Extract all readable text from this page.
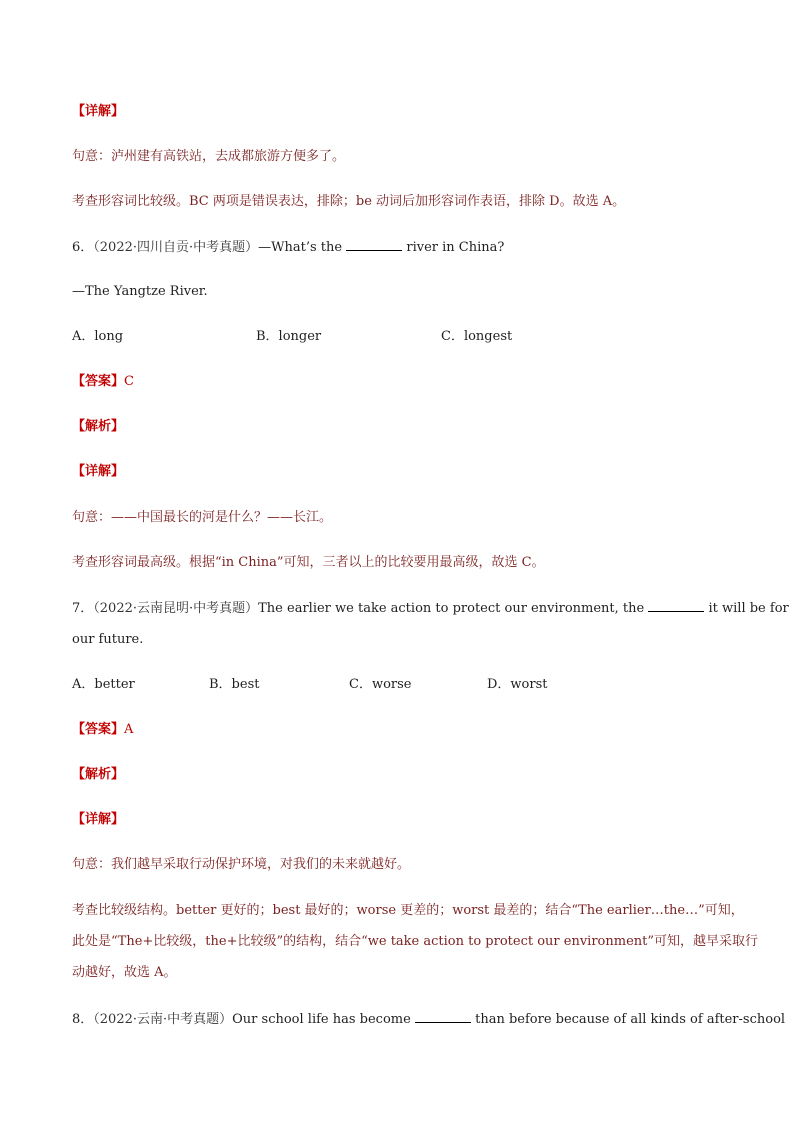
【详解】
句意：泸州建有高铁站，去成都旅游方便多了。
考查形容词比较级。BC 两项是错误表达，排除；be 动词后加形容词作表语，排除 D。故选 A。
6．（2022·四川自贡·中考真题）—What’s the	river in China?
—The Yangtze River.
A．long	B．longer	C．longest
【答案】C
【解析】
【详解】
句意：——中国最长的河是什么？——长江。
考查形容词最高级。根据“in China”可知，三者以上的比较要用最高级，故选 C。
7．（2022·云南昆明·中考真题）The earlier we take action to protect our environment, the	it will be for
our future.
A．better	B．best	C．worse	D．worst
【答案】A
【解析】
【详解】
句意：我们越早采取行动保护环境，对我们的未来就越好。
考查比较级结构。better 更好的；best 最好的；worse 更差的；worst 最差的；结合“The earlier…the…”可知，
此处是“The+比较级，the+比较级”的结构，结合“we take action to protect our environment”可知，越早采取行
动越好，故选 A。
8．（2022·云南·中考真题）Our school life has become	than before because of all kinds of after-school
